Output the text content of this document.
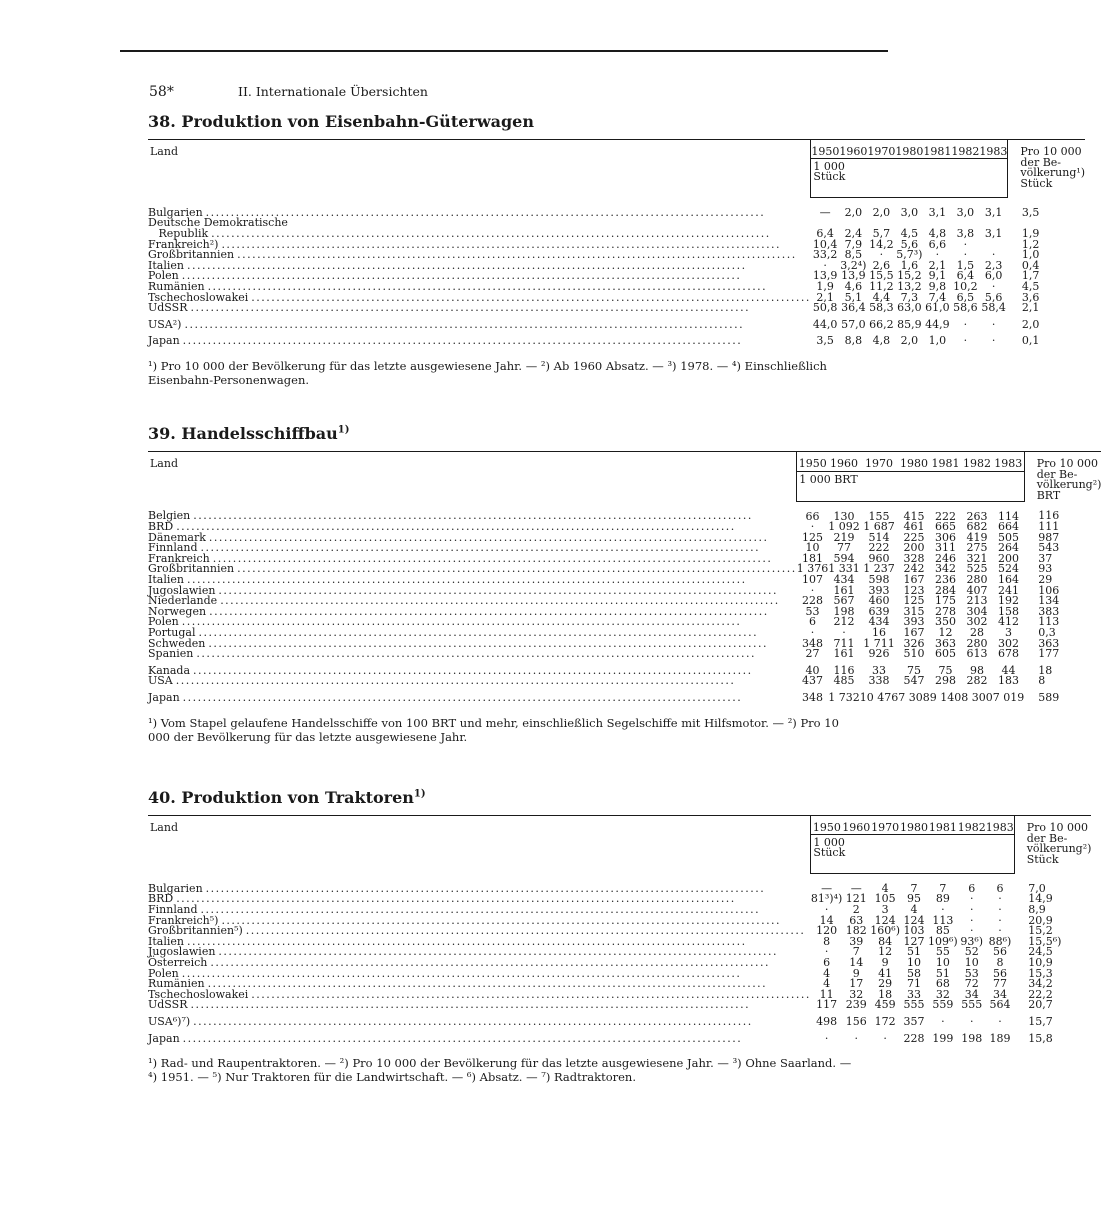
58*	II. Internationale Übersichten
38. Produktion von Eisenbahn-Güterwagen
Land	1950	1960	1970	1980	1981	1982	1983	Pro 10 000
der Be-
völkerung¹)
Stück

	1 000 Stück							

Bulgarien
.....	—	2,0	2,0	3,0	3,1	3,0	3,1	3,5

Deutsche Demokratische								

Republik
.....	6,4	2,4	5,7	4,5	4,8	3,8	3,1	1,9

Frankreich²)
.....	10,4	7,9	14,2	5,6	6,6	·		1,2

Großbritannien
.....	33,2	8,5	·	5,7³)	·	·	·	1,0

Italien
.....	·	3,2⁴)	2,6	1,6	2,1	1,5	2,3	0,4

Polen
.....	13,9	13,9	15,5	15,2	9,1	6,4	6,0	1,7

Rumänien
.....	1,9	4,6	11,2	13,2	9,8	10,2	·	4,5

Tschechoslowakei
.....	2,1	5,1	4,4	7,3	7,4	6,5	5,6	3,6

UdSSR
.....	50,8	36,4	58,3	63,0	61,0	58,6	58,4	2,1

USA²)
.....	44,0	57,0	66,2	85,9	44,9	·	·	2,0

Japan
.....	3,5	8,8	4,8	2,0	1,0	·	·	0,1
¹) Pro 10 000 der Bevölkerung für das letzte ausgewiesene Jahr. — ²) Ab 1960 Absatz. — ³) 1978. — ⁴) Einschließlich Eisenbahn-Personenwagen.
39. Handelsschiffbau$^{1)}$
Land	1950	1960	1970	1980	1981	1982	1983	Pro 10 000
der Be-
völkerung²)
BRT

	1 000 BRT							

Belgien
.....	66	130	155	415	222	263	114	116

BRD
.....	·	1 092	1 687	461	665	682	664	111

Dänemark
.....	125	219	514	225	306	419	505	987

Finnland
.....	10	77	222	200	311	275	264	543

Frankreich
.....	181	594	960	328	246	321	200	37

Großbritannien
.....	1 376	1 331	1 237	242	342	525	524	93

Italien
.....	107	434	598	167	236	280	164	29

Jugoslawien
.....	·	161	393	123	284	407	241	106

Niederlande
.....	228	567	460	125	175	213	192	134

Norwegen
.....	53	198	639	315	278	304	158	383

Polen
.....	6	212	434	393	350	302	412	113

Portugal
.....	·	·	16	167	12	28	3	0,3

Schweden
.....	348	711	1 711	326	363	280	302	363

Spanien
.....	27	161	926	510	605	613	678	177

Kanada
.....	40	116	33	75	75	98	44	18

USA
.....	437	485	338	547	298	282	183	8

Japan
.....	348	1 732	10 476	7 308	9 140	8 300	7 019	589
¹) Vom Stapel gelaufene Handelsschiffe von 100 BRT und mehr, einschließlich Segelschiffe mit Hilfsmotor. — ²) Pro 10 000 der Bevölkerung für das letzte ausgewiesene Jahr.
40. Produktion von Traktoren$^{1)}$
Land	1950	1960	1970	1980	1981	1982	1983	Pro 10 000
der Be-
völkerung²)
Stück

	1 000 Stück							

Bulgarien
.....	—	—	4	7	7	6	6	7,0

BRD
.....	81³)⁴)	121	105	95	89	·	·	14,9

Finnland
.....	·	2	3	4	·	·	·	8,9

Frankreich⁵)
.....	14	63	124	124	113	·	·	20,9

Großbritannien⁵)
.....	120	182	160⁶)	103	85	·	·	15,2

Italien
.....	8	39	84	127	109⁶)	93⁶)	88⁶)	15,5⁶)

Jugoslawien
.....	·	7	12	51	55	52	56	24,5

Österreich
.....	6	14	9	10	10	10	8	10,9

Polen
.....	4	9	41	58	51	53	56	15,3

Rumänien
.....	4	17	29	71	68	72	77	34,2

Tschechoslowakei
.....	11	32	18	33	32	34	34	22,2

UdSSR
.....	117	239	459	555	559	555	564	20,7

USA⁶)⁷)
.....	498	156	172	357	·	·	·	15,7

Japan
.....	·	·	·	228	199	198	189	15,8
¹) Rad- und Raupentraktoren. — ²) Pro 10 000 der Bevölkerung für das letzte ausgewiesene Jahr. — ³) Ohne Saarland. — ⁴) 1951. — ⁵) Nur Traktoren für die Landwirtschaft. — ⁶) Absatz. — ⁷) Radtraktoren.
